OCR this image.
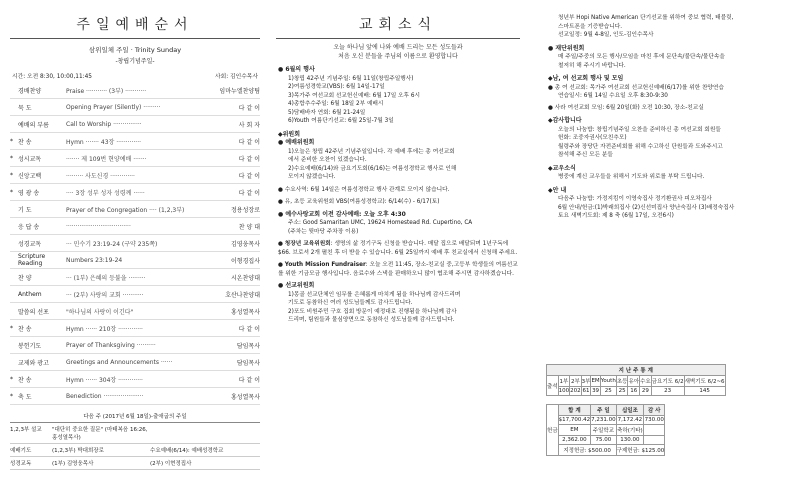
주일예배순서
삼위일체 주일 · Trinity Sunday
-창립기념주일-
시간: 오전 8:30, 10:00,11:45	사회: 김인수목사
경배찬양	Praise ··········· (3부) ···········	임마누엘찬양팀
묵 도	Opening Prayer (Silently) ·········	다 같 이
예배의 부름	Call to Worship ···············	사 회 자
* 찬 송	Hymn ······· 43장 ·············	다 같 이
* 성시교독	······· 제 109번 현양예배 ·······	다 같 이
* 신앙고백	········· 사도신경 ·············	다 같 이
* 영 광 송	···· 3장 성부 성자 성령께 ······	다 같 이
기 도	Prayer of the Congregation ···· (1,2,3부)	정용성장로
응 답 송	··································	찬 양 대
성경교독	··· 민수기 23:19-24 (구약 235쪽)	김영웅목사
Scripture Reading	Numbers 23:19-24	이형경집사
찬 양	··· (1부) 은혜의 등불을 ·········	시온찬양대
Anthem	··· (2부) 사랑의 교회 ···········	호산나찬양대
말씀의 선포	"하나님의 사랑이 이긴다"	홍성열목사
* 찬 송	Hymn ······ 210장 ·············	다 같 이
봉헌기도	Prayer of Thanksgiving ··········	담임목사
교제와 광고	Greetings and Announcements ······	담임목사
* 찬 송	Hymn ······ 304장 ·············	다 같 이
* 축 도	Benediction ·····················	홍성열목사
다음 주 (2017년 6월 18일)-출애굽의 주일
1,2,3부 설교	"대단히 중요한 질문" (마태복음 16:26, 홍성열목사)
예배기도	(1,2,3부) 박대희장로	수요예배(6/14): 예배성경학교
성경교독	(1부) 김영웅목사	(2부) 이현정집사
교회소식
오늘 하나님 앞에 나와 예배 드리는 모든 성도들과
처음 오신 분들을 주님의 이름으로 환영합니다
● 6월의 행사
1)창립 42주년 기념주일: 6월 11일(창립주일행사)
2)여름성경학교(VBS): 6월 14일-17일
3)목가주 여선교회 선교헌신예배: 6월 17일 오후 6시
4)총합추수주일: 6월 18일 2부 예배시
5)담배바자 연회: 6월 21-24일
6)Youth 여름단기선교: 6월 25일-7월 3일
◆위원회
● 예배위원회
1)오늘은 창립 42주년 기념주일입니다. 각 예배 후에는 총 여선교회
에서 준비한 오찬이 있겠습니다.
2)수요예배(6/14)와 금요기도회(6/16)는 여름성경학교 행사로 인해
모이지 않겠습니다.
● 수요사역: 6월 14일은 여름성경학교 행사 관계로 모이지 않습니다.
● 유, 초등 교육위원회 VBS(여름성경학교): 6/14(수) - 6/17(토)
● 예수사랑교회 이전 감사예배: 오늘 오후 4:30
주소: Good Samaritan UMC, 19624 Homestead Rd. Cupertino, CA
(주차는 뒷마당 주차장 이용)
● 청장년 교육위원회: 생명의 삶 정기구독 신청을 받습니다. 매달 집으로 배달되며 1년구독에 $66. 브로셔 2개 펼친 후 더 받을 수 있습니다. 6월 25일까지 예배 후 친교실에서 신청해 주세요.
● Youth Mission Fundraiser: 오늘 오전 11:45, 장소-친교실 중,고등부 학생들의 여름선교를 위한 기금모금 행사입니다. 음료수와 스낵을 판매하오니 많이 협조해 주시면 감사하겠습니다.
● 선교위원회
1)몽골 선교단체인 임무를 은혜롭게 마치게 됨을 하나님께 감사드리며
기도로 동참하신 여러 성도님들께도 감사드립니다.
2)포도 비원주민 구호 집회 방문이 예정대로 진행됨을 하나님께 감사
드리며, 팀원들과 물심양면으로 동참하신 성도님들께 감사드립니다.
청년부 Hopi Native American 단기선교를 위하여 중보 협력, 태블릿,
스마트폰을 기증받습니다.
선교일정: 9월 4-8일, 인도-김인수목사
● 재단위원회
매 주일/주중의 모든 행사/모임을 마친 후에 문단속/불단속/물단속을
철저히 해 주시기 바랍니다.
◆남, 여 선교회 행사 및 모임
● 총 여 선교회: 목가주 여선교회 선교헌신예배(6/17)를 위한 찬양연습
연습일시: 6월 14일 수요일 오후 8:30-9:30
● 사라 여선교회 모임: 6월 20일(화) 오전 10:30, 장소-친교실
◆감사합니다
오늘의 나눔밥: 창립기념주일 오찬을 준비하신 총 여선교회 회원들
헌화: 조중자권사(모친추모)
월령주와 장당단 자전준비회를 위해 수고하신 단원들과 도와주시고
참석해 주신 모든 분들
◆교우소식
병중에 계신 교우들을 위해서 기도와 위로를 부탁 드립니다.
◆안 내
다음주 나눔밥: 가정지킴이 이영숙집사 정기환권사 피오차집사
6월 안내/헌금:(1)박래희집사 (2)신선미집사 양난숙집사 (3)배정숙집사
토요 새벽기도회: 제 8 축 (6월 17일, 오전6시)
지 난 주 통 계										
출석	1부	2부	3부	EM	Youth	초등	유아	수요	금요기도 6/2	새벽기도 6/2~6
	100	202	61	39	25	25	16	29	23	145
헌금	합 계	주 일	십일조	감 사
	$17,700.42	7,231.00	7,172.42	730.00
	EM	주일학교	축하(기타)	
	2,362.00	75.00	130.00	
	지정헌금: $500.00		구제헌금: $125.00	
